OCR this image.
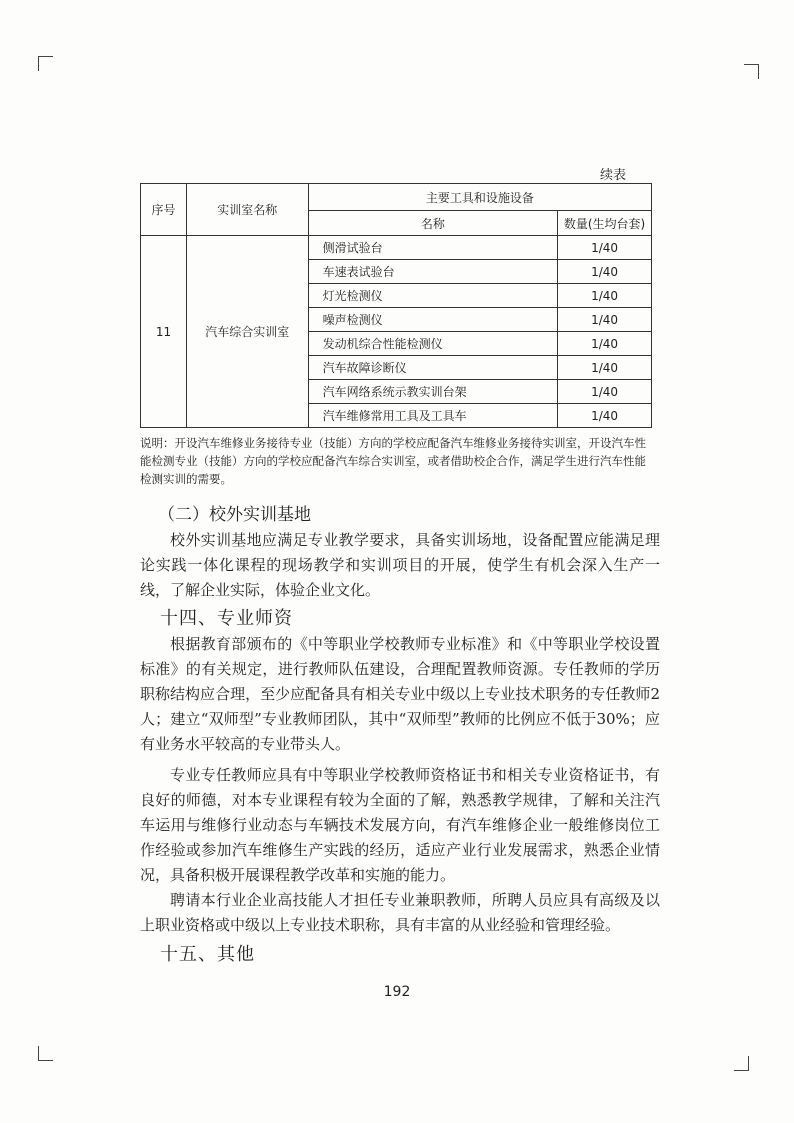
续表
序号	实训室名称	主要工具和设施设备	
		名称	数量(生均台套)
11	汽车综合实训室	侧滑试验台	1/40
		车速表试验台	1/40
		灯光检测仪	1/40
		噪声检测仪	1/40
		发动机综合性能检测仪	1/40
		汽车故障诊断仪	1/40
		汽车网络系统示教实训台架	1/40
		汽车维修常用工具及工具车	1/40
说明：开设汽车维修业务接待专业（技能）方向的学校应配备汽车维修业务接待实训室，开设汽车性能检测专业（技能）方向的学校应配备汽车综合实训室，或者借助校企合作，满足学生进行汽车性能检测实训的需要。
（二）校外实训基地
校外实训基地应满足专业教学要求，具备实训场地，设备配置应能满足理论实践一体化课程的现场教学和实训项目的开展，使学生有机会深入生产一线，了解企业实际，体验企业文化。
十四、专业师资
根据教育部颁布的《中等职业学校教师专业标准》和《中等职业学校设置标准》的有关规定，进行教师队伍建设，合理配置教师资源。专任教师的学历职称结构应合理，至少应配备具有相关专业中级以上专业技术职务的专任教师2人；建立“双师型”专业教师团队，其中“双师型”教师的比例应不低于30%；应有业务水平较高的专业带头人。
专业专任教师应具有中等职业学校教师资格证书和相关专业资格证书，有良好的师德，对本专业课程有较为全面的了解，熟悉教学规律，了解和关注汽车运用与维修行业动态与车辆技术发展方向，有汽车维修企业一般维修岗位工作经验或参加汽车维修生产实践的经历，适应产业行业发展需求，熟悉企业情况，具备积极开展课程教学改革和实施的能力。
聘请本行业企业高技能人才担任专业兼职教师，所聘人员应具有高级及以上职业资格或中级以上专业技术职称，具有丰富的从业经验和管理经验。
十五、其他
192
